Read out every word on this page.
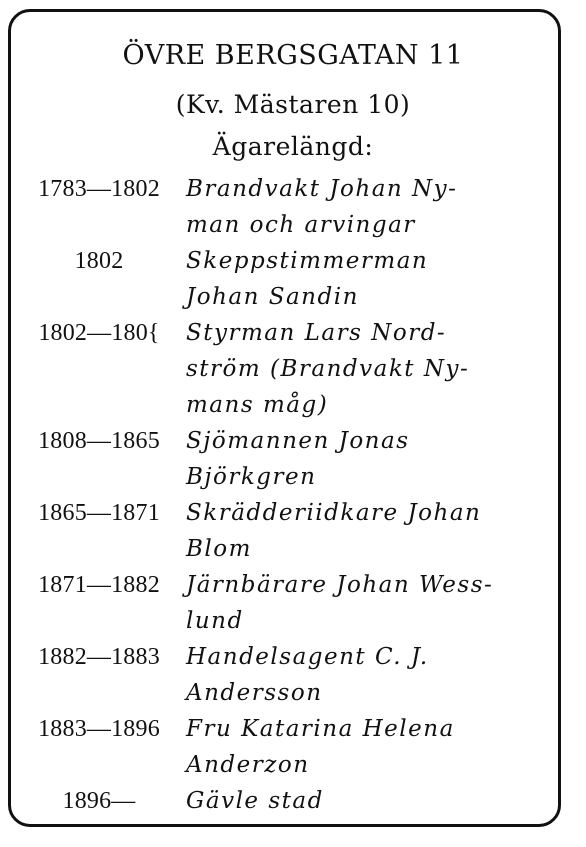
ÖVRE BERGSGATAN 11
(Kv. Mästaren 10)
Ägarelängd:
1783—1802	Brandvakt Johan Ny-
man och arvingar
1802	Skeppstimmerman
Johan Sandin
1802—180{	Styrman Lars Nord-
ström (Brandvakt Ny-
mans måg)
1808—1865	Sjömannen Jonas
Björkgren
1865—1871	Skrädderiidkare Johan
Blom
1871—1882	Järnbärare Johan Wess-
lund
1882—1883	Handelsagent C. J.
Andersson
1883—1896	Fru Katarina Helena
Anderzon
1896—	Gävle stad
